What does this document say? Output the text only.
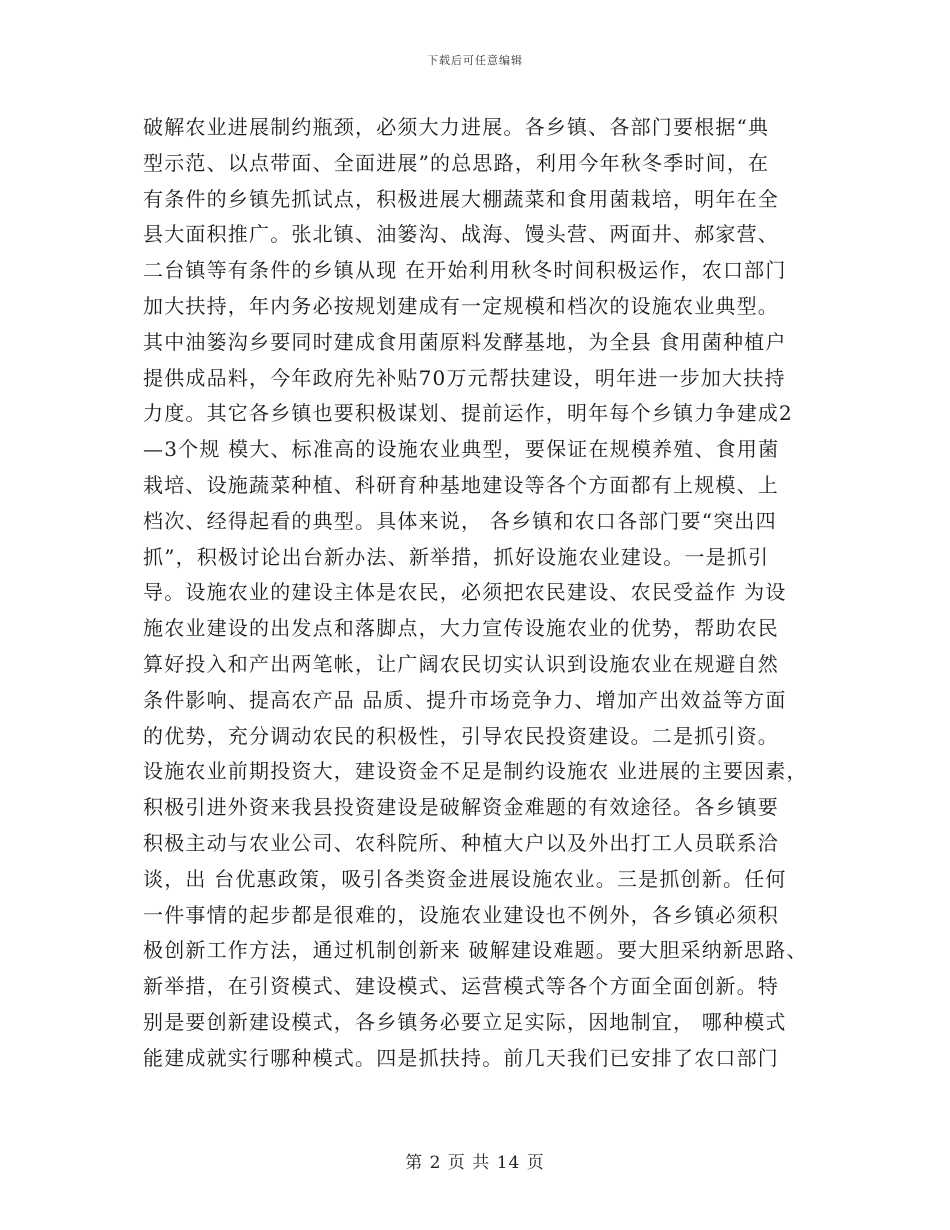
下载后可任意编辑
破解农业进展制约瓶颈，必须大力进展。各乡镇、各部门要根据“典
型示范、以点带面、全面进展”的总思路，利用今年秋冬季时间，在
有条件的乡镇先抓试点，积极进展大棚蔬菜和食用菌栽培，明年在全
县大面积推广。张北镇、油篓沟、战海、馒头营、两面井、郝家营、
二台镇等有条件的乡镇从现 在开始利用秋冬时间积极运作，农口部门
加大扶持，年内务必按规划建成有一定规模和档次的设施农业典型。
其中油篓沟乡要同时建成食用菌原料发酵基地，为全县 食用菌种植户
提供成品料，今年政府先补贴70万元帮扶建设，明年进一步加大扶持
力度。其它各乡镇也要积极谋划、提前运作，明年每个乡镇力争建成2
—3个规 模大、标准高的设施农业典型，要保证在规模养殖、食用菌
栽培、设施蔬菜种植、科研育种基地建设等各个方面都有上规模、上
档次、经得起看的典型。具体来说， 各乡镇和农口各部门要“突出四
抓”，积极讨论出台新办法、新举措，抓好设施农业建设。一是抓引
导。设施农业的建设主体是农民，必须把农民建设、农民受益作 为设
施农业建设的出发点和落脚点，大力宣传设施农业的优势，帮助农民
算好投入和产出两笔帐，让广阔农民切实认识到设施农业在规避自然
条件影响、提高农产品 品质、提升市场竞争力、增加产出效益等方面
的优势，充分调动农民的积极性，引导农民投资建设。二是抓引资。
设施农业前期投资大，建设资金不足是制约设施农 业进展的主要因素，
积极引进外资来我县投资建设是破解资金难题的有效途径。各乡镇要
积极主动与农业公司、农科院所、种植大户以及外出打工人员联系洽
谈，出 台优惠政策，吸引各类资金进展设施农业。三是抓创新。任何
一件事情的起步都是很难的，设施农业建设也不例外，各乡镇必须积
极创新工作方法，通过机制创新来 破解建设难题。要大胆采纳新思路、
新举措，在引资模式、建设模式、运营模式等各个方面全面创新。特
别是要创新建设模式，各乡镇务必要立足实际，因地制宜， 哪种模式
能建成就实行哪种模式。四是抓扶持。前几天我们已安排了农口部门
第 2 页 共 14 页
